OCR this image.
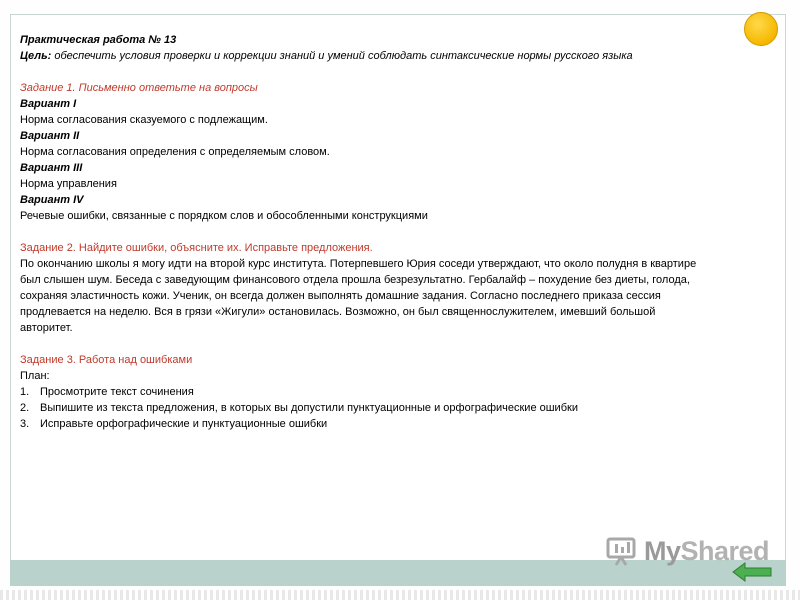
Практическая работа № 13

Цель: обеспечить условия проверки и коррекции знаний и умений соблюдать синтаксические нормы русского языка

Задание 1. Письменно ответьте на вопросы

Вариант I

Норма согласования сказуемого с подлежащим.

Вариант II

Норма согласования определения с определяемым словом.

Вариант III

Норма управления

Вариант IV

Речевые ошибки, связанные с порядком слов и обособленными конструкциями

Задание 2. Найдите ошибки, объясните их. Исправьте предложения.

По окончанию школы я могу идти на второй курс института. Потерпевшего Юрия соседи утверждают, что около полудня в квартире

был слышен шум. Беседа с заведующим финансового отдела прошла безрезультатно. Гербалайф – похудение без диеты, голода,

сохраняя эластичность кожи. Ученик, он всегда должен выполнять домашние задания. Согласно последнего приказа сессия

продлевается на неделю. Вся в грязи «Жигули» остановилась. Возможно, он был священнослужителем, имевший большой

авторитет.

Задание 3. Работа над ошибками

План:

1. Просмотрите текст сочинения
2. Выпишите из текста предложения, в которых вы допустили пунктуационные и орфографические ошибки
3. Исправьте орфографические и пунктуационные ошибки
MyShared
